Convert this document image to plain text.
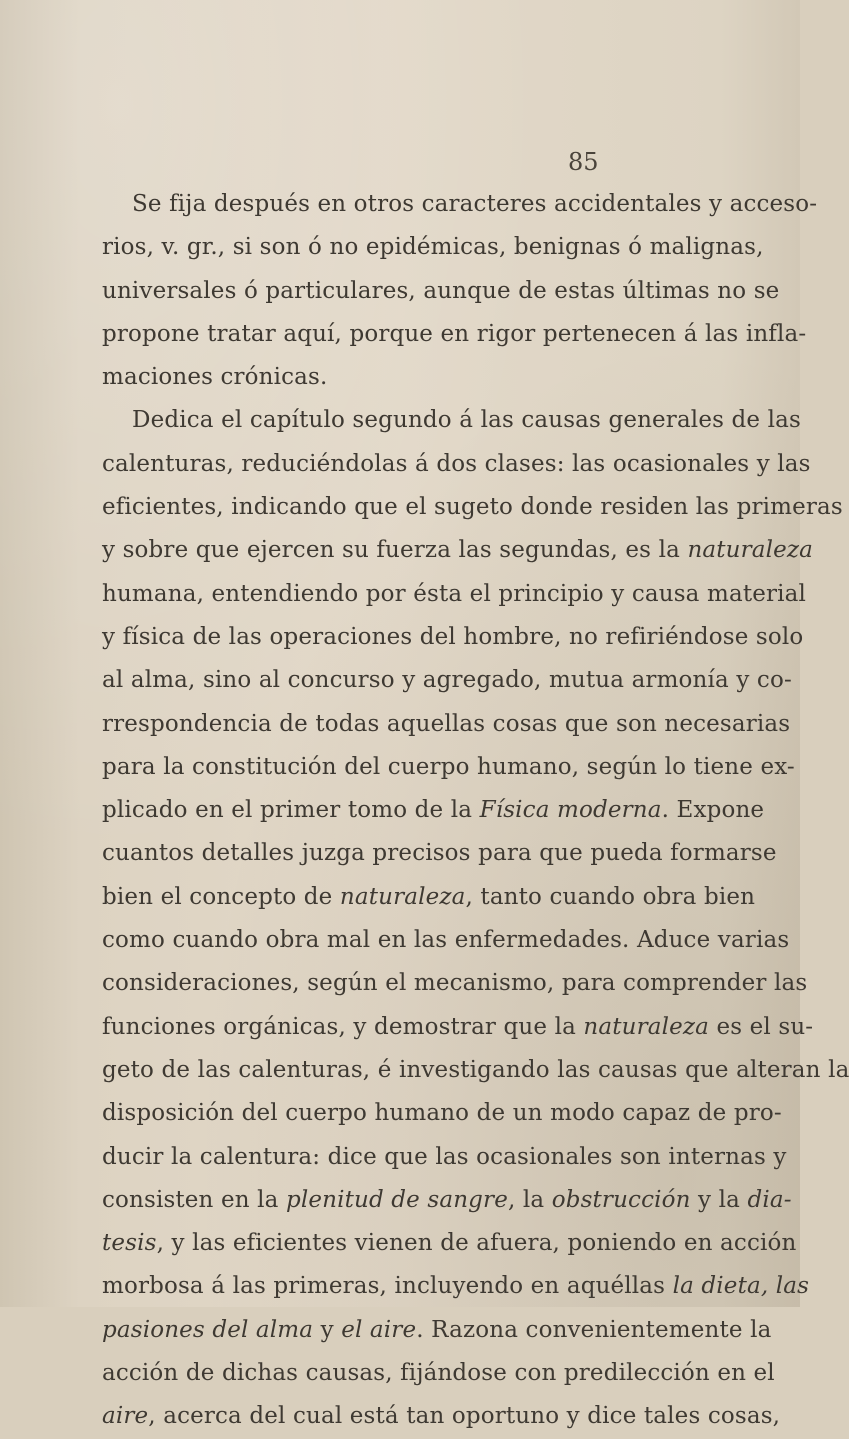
85
Se fija después en otros caracteres accidentales y acceso-
rios, v. gr., si son ó no epidémicas, benignas ó malignas,
universales ó particulares, aunque de estas últimas no se
propone tratar aquí, porque en rigor pertenecen á las infla-
maciones crónicas.
Dedica el capítulo segundo á las causas generales de las
calenturas, reduciéndolas á dos clases: las ocasionales y las
eficientes, indicando que el sugeto donde residen las primeras
y sobre que ejercen su fuerza las segundas, es la naturaleza
humana, entendiendo por ésta el principio y causa material
y física de las operaciones del hombre, no refiriéndose solo
al alma, sino al concurso y agregado, mutua armonía y co-
rrespondencia de todas aquellas cosas que son necesarias
para la constitución del cuerpo humano, según lo tiene ex-
plicado en el primer tomo de la Física moderna. Expone
cuantos detalles juzga precisos para que pueda formarse
bien el concepto de naturaleza, tanto cuando obra bien
como cuando obra mal en las enfermedades. Aduce varias
consideraciones, según el mecanismo, para comprender las
funciones orgánicas, y demostrar que la naturaleza es el su-
geto de las calenturas, é investigando las causas que alteran la
disposición del cuerpo humano de un modo capaz de pro-
ducir la calentura: dice que las ocasionales son internas y
consisten en la plenitud de sangre, la obstrucción y la dia-
tesis, y las eficientes vienen de afuera, poniendo en acción
morbosa á las primeras, incluyendo en aquéllas la dieta, las
pasiones del alma y el aire. Razona convenientemente la
acción de dichas causas, fijándose con predilección en el
aire, acerca del cual está tan oportuno y dice tales cosas,
